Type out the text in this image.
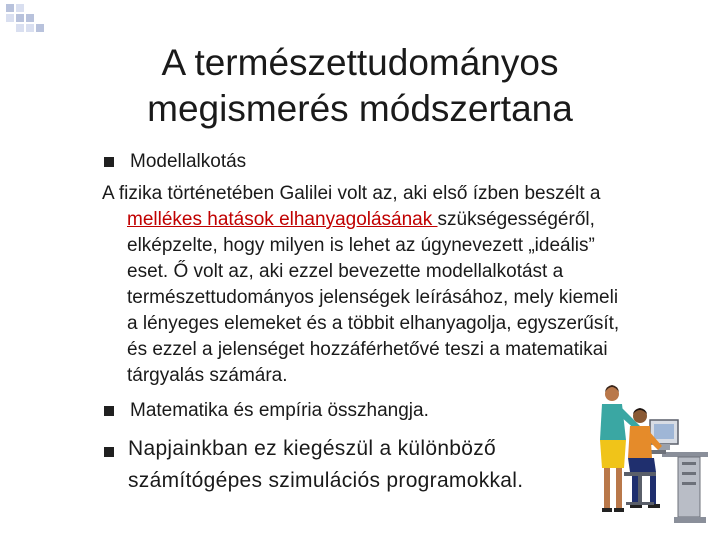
A természettudományos
megismerés módszertana
Modellalkotás
A fizika történetében Galilei volt az, aki első ízben beszélt a
mellékes hatások elhanyagolásának szükségességéről,
elképzelte, hogy milyen is lehet az úgynevezett „ideális”
eset. Ő volt az, aki ezzel bevezette modellalkotást a
természettudományos jelenségek leírásához, mely kiemeli
a lényeges elemeket és a többit elhanyagolja, egyszerűsít,
és ezzel a jelenséget hozzáférhetővé teszi a matematikai
tárgyalás számára.
Matematika és empíria összhangja.
Napjainkban ez kiegészül a különböző
számítógépes szimulációs programokkal.
